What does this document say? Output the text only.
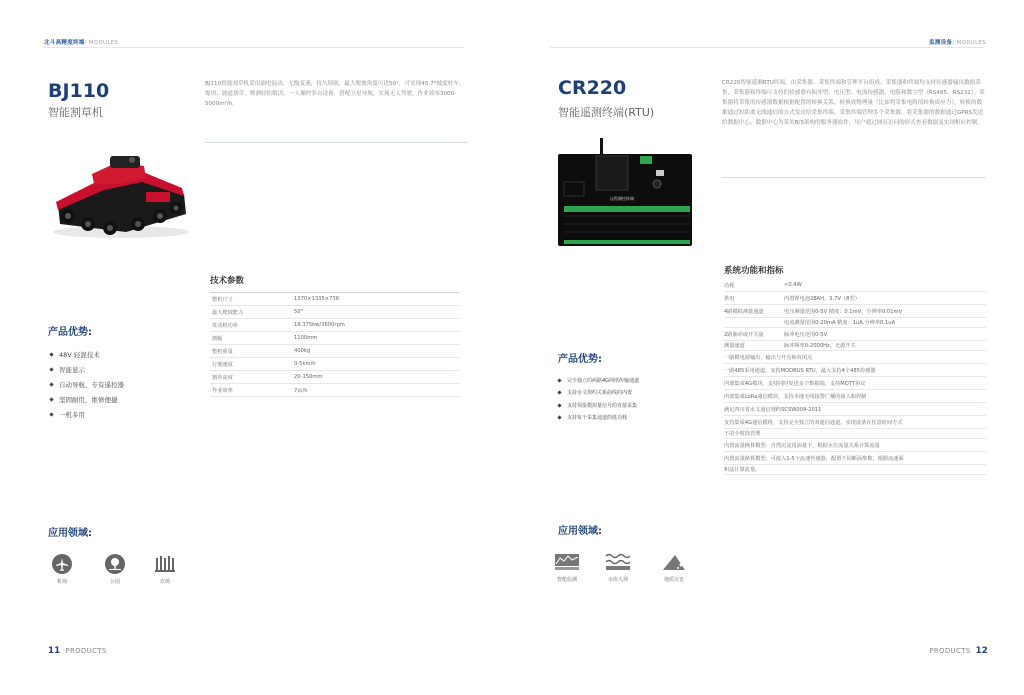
北斗高精度终端/ MODULES
BJ110
智能割草机
BJ110智能割草机采用油电混动，无级变速，持久续航。最大爬坡角度可达50°，可实现45.7°坡度驻车，堤坝、坡道割草，喷洒轻松解决。一人操控多台设备，搭配卫星导航，实现无人驾驶，作业效率3000-5000m²/h。
技术参数
整机尺寸	1370×1335×736
最大爬坡能力	50°
发动机功率	18.375kw/3600rpm
割幅	1100mm
整机重量	400kg
行驶速度	0-5km/h
割草高度	20-150mm
作业效率	7亩/h
产品优势:
48V 轻混技术
智能显示
自动导航、专有遥控器
坚固耐用，维修便捷
一机多用
应用领域:
机场	公园	农场
11 PRODUCTS
监测设备/ MODULES
CR220
智能遥测终端(RTU)
CR220智能遥测RTU终端，由采集器、采集终端和管理平台组成。采集器和终端均支持传感器输出数据采集，采集器和终端可支持的传感器有振冲型、电压型、电流传感器、电阻和数字型（RS485、RS232）。采集器将采集的传感器数据根据配置的转换关系，转换成物理量（比如将采集电阻值转换成应力），转换的数据通过短距离无线通信的方式发送给采集终端。采集终端管理多个采集器，将采集器的数据通过GPRS发送给数据中心。数据中心为采用B/S架构的服务器软件，用户通过网页访问的形式查看数据及实现相应控制。
远程测控终端
系统功能和指标
功耗	<0.4W
供电	内置锂电池28AH，3.7V（8型）
4路模拟测量通道	电压测量范围0-5V 精度：0.1mV，分辨率0.01mV
电流测量范围0-20mA 精度：1uA,分辨率0.1uA
2路脉冲或开关量	脉冲电压范围0-5V
测量通道	脉冲频率0-2000Hz，无源开关
一路模电源输出，输出与开点和双闭点
一路485采用通道，支持MODBUS RTU，最大支持4个485传感器
内部集成4G模块，支持同时发送多个数据端，支持MQTT协议
内部集成LoRa通信模块，支持本地无线接警广播的接入和控制
满足四川省水文通信规约SCSW009-2011
支持集成4G通信模组，支持完全独立的双通信通道，实现设备在任意时间方式
下的全时段管理
内置流量换算模型：自然沉淀用油量下，根据水位流量关系计算流量
内置流量换算模型：可接入1-5个流速传感器，配置不同断面参数，根据流速面
积法计算流量。
产品优势:
完全独立的两路4G网络传输通道
支持水文规约关系曲线的内置
支持预报模拟量信号的直接采集
支持每个采集通道的低功耗
应用领域:
智能监测	水库大坝	地质灾害
PRODUCTS 12
